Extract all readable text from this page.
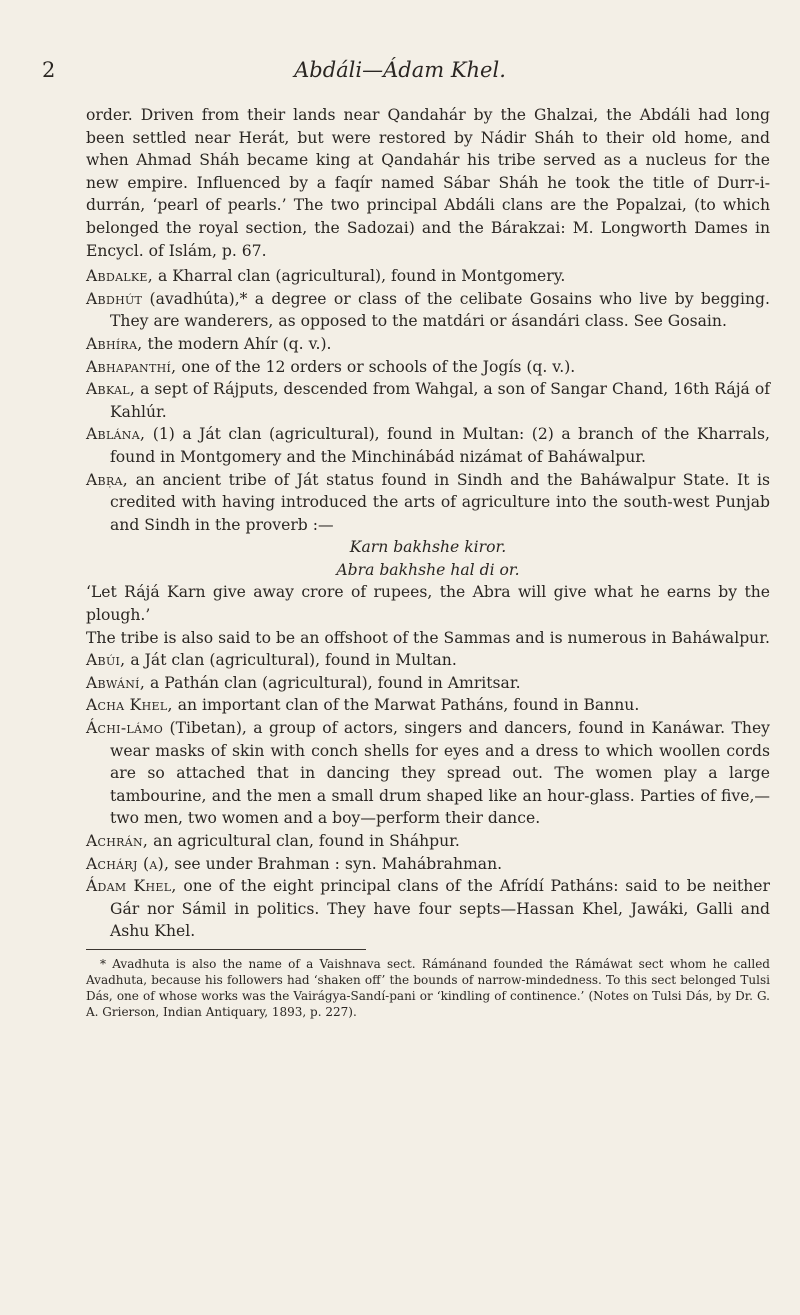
2	Abdáli—Ádam Khel.

order. Driven from their lands near Qandahár by the Ghalzai, the Abdáli had long been settled near Herát, but were restored by Nádir Sháh to their old home, and when Ahmad Sháh became king at Qandahár his tribe served as a nucleus for the new empire. Influenced by a faqír named Sábar Sháh he took the title of Durr-i-durrán, ‘pearl of pearls.’ The two principal Abdáli clans are the Popalzai, (to which belonged the royal section, the Sadozai) and the Bárakzai: M. Longworth Dames in Encycl. of Islám, p. 67.

Abdalke, a Kharral clan (agricultural), found in Montgomery.

Abdhút (avadhúta),* a degree or class of the celibate Gosains who live by begging. They are wanderers, as opposed to the matdári or ásandári class. See Gosain.

Abhíra, the modern Ahír (q. v.).

Abhapanthí, one of the 12 orders or schools of the Jogís (q. v.).

Abkal, a sept of Rájputs, descended from Wahgal, a son of Sangar Chand, 16th Rájá of Kahlúr.

Ablána, (1) a Ját clan (agricultural), found in Multan: (2) a branch of the Kharrals, found in Montgomery and the Minchinábád nizámat of Baháwalpur.

Abṛa, an ancient tribe of Ját status found in Sindh and the Baháwalpur State. It is credited with having introduced the arts of agriculture into the south-west Punjab and Sindh in the proverb :—

Karn bakhshe kiror.

Abra bakhshe hal di or.

‘Let Rájá Karn give away crore of rupees, the Abra will give what he earns by the plough.’

The tribe is also said to be an offshoot of the Sammas and is numerous in Baháwalpur.

Abúi, a Ját clan (agricultural), found in Multan.

Abwání, a Pathán clan (agricultural), found in Amritsar.

Acha Khel, an important clan of the Marwat Patháns, found in Bannu.

Áchi-lámo (Tibetan), a group of actors, singers and dancers, found in Kanáwar. They wear masks of skin with conch shells for eyes and a dress to which woollen cords are so attached that in dancing they spread out. The women play a large tambourine, and the men a small drum shaped like an hour-glass. Parties of five,—two men, two women and a boy—perform their dance.

Achrán, an agricultural clan, found in Sháhpur.

Achárj (a), see under Brahman : syn. Mahábrahman.

Ádam Khel, one of the eight principal clans of the Afrídí Patháns: said to be neither Gár nor Sámil in politics. They have four septs—Hassan Khel, Jawáki, Galli and Ashu Khel.

* Avadhuta is also the name of a Vaishnava sect. Rámánand founded the Rámáwat sect whom he called Avadhuta, because his followers had ‘shaken off’ the bounds of narrow-mindedness. To this sect belonged Tulsi Dás, one of whose works was the Vairágya-Sandí-pani or ‘kindling of continence.’ (Notes on Tulsi Dás, by Dr. G. A. Grierson, Indian Antiquary, 1893, p. 227).
